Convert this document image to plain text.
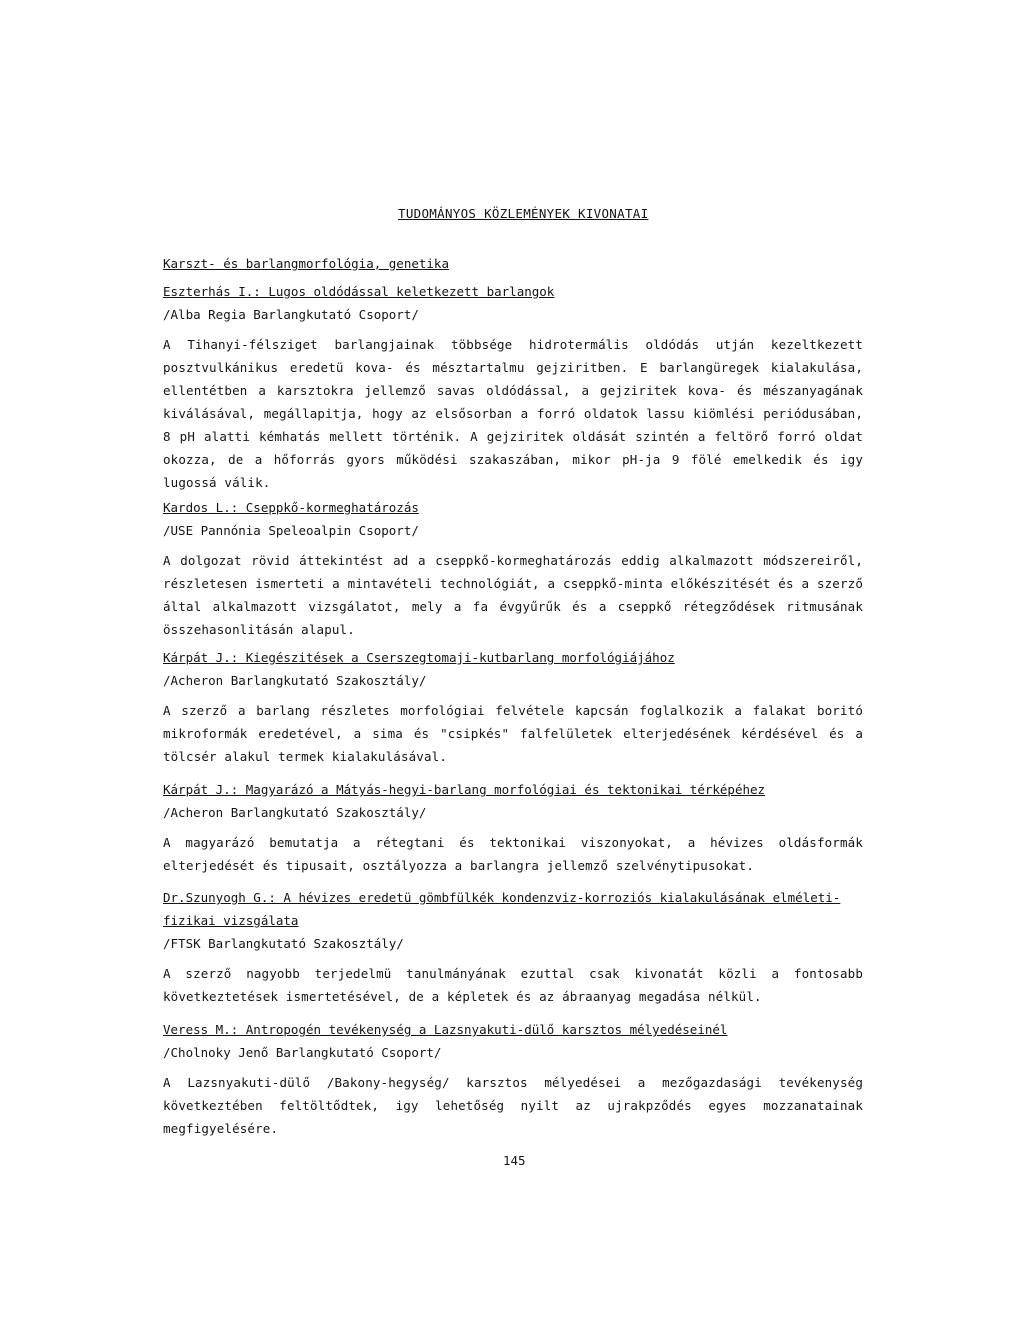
TUDOMÁNYOS KÖZLEMÉNYEK KIVONATAI
Karszt- és barlangmorfológia, genetika
Eszterhás I.: Lugos oldódással keletkezett barlangok
/Alba Regia Barlangkutató Csoport/
A Tihanyi-félsziget barlangjainak többsége hidrotermális oldódás utján kezeltkezett posztvulkánikus eredetü kova- és mésztartalmu gejziritben. E barlangüregek kialakulása, ellentétben a karsztokra jellemző savas oldódással, a gejziritek kova- és mészanyagának kiválásával, megállapitja, hogy az elsősorban a forró oldatok lassu kiömlési periódusában, 8 pH alatti kémhatás mellett történik. A gejziritek oldását szintén a feltörő forró oldat okozza, de a hőforrás gyors működési szakaszában, mikor pH-ja 9 fölé emelkedik és igy lugossá válik.
Kardos L.: Cseppkő-kormeghatározás
/USE Pannónia Speleoalpin Csoport/
A dolgozat rövid áttekintést ad a cseppkő-kormeghatározás eddig alkalmazott módszereiről, részletesen ismerteti a mintavételi technológiát, a cseppkő-minta előkészitését és a szerző által alkalmazott vizsgálatot, mely a fa évgyűrűk és a cseppkő rétegződések ritmusának összehasonlitásán alapul.
Kárpát J.: Kiegészitések a Cserszegtomaji-kutbarlang morfológiájához
/Acheron Barlangkutató Szakosztály/
A szerző a barlang részletes morfológiai felvétele kapcsán foglalkozik a falakat boritó mikroformák eredetével, a sima és "csipkés" falfelületek elterjedésének kérdésével és a tölcsér alakul termek kialakulásával.
Kárpát J.: Magyarázó a Mátyás-hegyi-barlang morfológiai és tektonikai térképéhez
/Acheron Barlangkutató Szakosztály/
A magyarázó bemutatja a rétegtani és tektonikai viszonyokat, a hévizes oldásformák elterjedését és tipusait, osztályozza a barlangra jellemző szelvénytipusokat.
Dr.Szunyogh G.: A hévizes eredetü gömbfülkék kondenzviz-korroziós kialakulásának elméleti-fizikai vizsgálata
/FTSK Barlangkutató Szakosztály/
A szerző nagyobb terjedelmü tanulmányának ezuttal csak kivonatát közli a fontosabb következtetések ismertetésével, de a képletek és az ábraanyag megadása nélkül.
Veress M.: Antropogén tevékenység a Lazsnyakuti-dülő karsztos mélyedéseinél
/Cholnoky Jenő Barlangkutató Csoport/
A Lazsnyakuti-dülő /Bakony-hegység/ karsztos mélyedései a mezőgazdasági tevékenység következtében feltöltődtek, igy lehetőség nyilt az ujrakpződés egyes mozzanatainak megfigyelésére.
145
